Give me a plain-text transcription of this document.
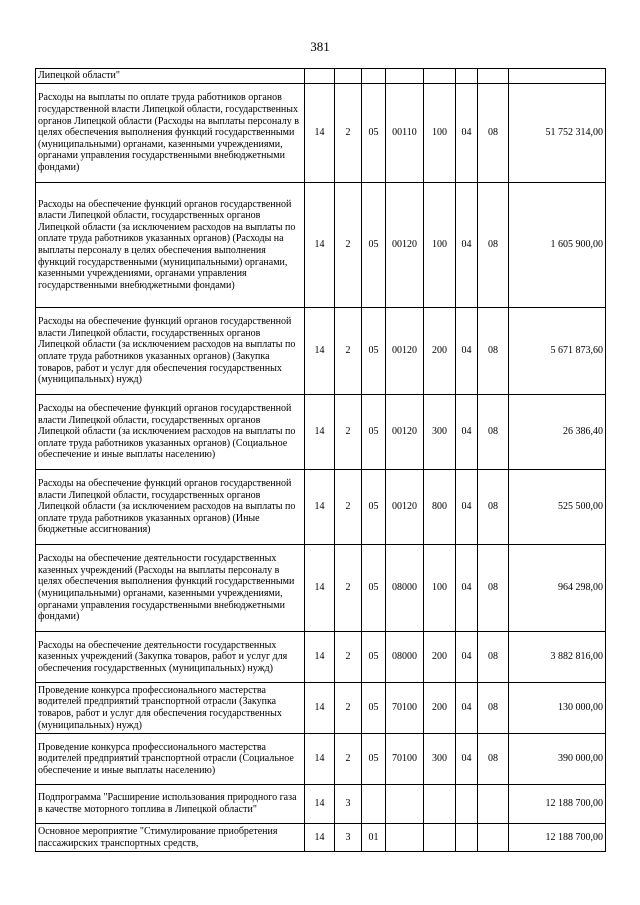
381
Липецкой области"								
Расходы на выплаты по оплате труда работников органов государственной власти Липецкой области, государственных органов Липецкой области (Расходы на выплаты персоналу в целях обеспечения выполнения функций государственными (муниципальными) органами, казенными учреждениями, органами управления государственными внебюджетными фондами)	14	2	05	00110	100	04	08	51 752 314,00
Расходы на обеспечение функций органов государственной власти Липецкой области, государственных органов Липецкой области (за исключением расходов на выплаты по оплате труда работников указанных органов) (Расходы на выплаты персоналу в целях обеспечения выполнения функций государственными (муниципальными) органами, казенными учреждениями, органами управления государственными внебюджетными фондами)	14	2	05	00120	100	04	08	1 605 900,00
Расходы на обеспечение функций органов государственной власти Липецкой области, государственных органов Липецкой области (за исключением расходов на выплаты по оплате труда работников указанных органов) (Закупка товаров, работ и услуг для обеспечения государственных (муниципальных) нужд)	14	2	05	00120	200	04	08	5 671 873,60
Расходы на обеспечение функций органов государственной власти Липецкой области, государственных органов Липецкой области (за исключением расходов на выплаты по оплате труда работников указанных органов) (Социальное обеспечение и иные выплаты населению)	14	2	05	00120	300	04	08	26 386,40
Расходы на обеспечение функций органов государственной власти Липецкой области, государственных органов Липецкой области (за исключением расходов на выплаты по оплате труда работников указанных органов) (Иные бюджетные ассигнования)	14	2	05	00120	800	04	08	525 500,00
Расходы на обеспечение деятельности государственных казенных учреждений (Расходы на выплаты персоналу в целях обеспечения выполнения функций государственными (муниципальными) органами, казенными учреждениями, органами управления государственными внебюджетными фондами)	14	2	05	08000	100	04	08	964 298,00
Расходы на обеспечение деятельности государственных казенных учреждений (Закупка товаров, работ и услуг для обеспечения государственных (муниципальных) нужд)	14	2	05	08000	200	04	08	3 882 816,00
Проведение конкурса профессионального мастерства водителей предприятий транспортной отрасли (Закупка товаров, работ и услуг для обеспечения государственных (муниципальных) нужд)	14	2	05	70100	200	04	08	130 000,00
Проведение конкурса профессионального мастерства водителей предприятий транспортной отрасли (Социальное обеспечение и иные выплаты населению)	14	2	05	70100	300	04	08	390 000,00
Подпрограмма "Расширение использования природного газа в качестве моторного топлива в Липецкой области"	14	3						12 188 700,00
Основное мероприятие "Стимулирование приобретения пассажирских транспортных средств,	14	3	01					12 188 700,00
